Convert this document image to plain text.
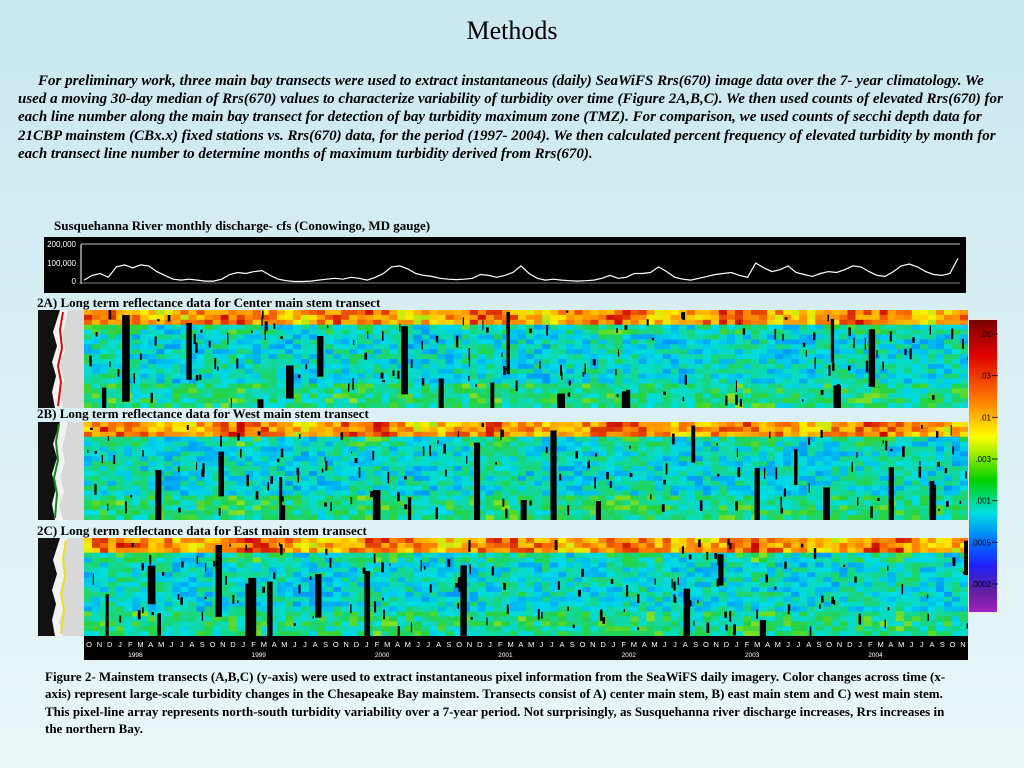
Methods
For preliminary work, three main bay transects were used to extract instantaneous (daily) SeaWiFS Rrs(670) image data over the 7- year climatology. We used a moving 30-day median of Rrs(670) values to characterize variability of turbidity over time (Figure 2A,B,C). We then used counts of elevated Rrs(670) for each line number along the main bay transect for detection of bay turbidity maximum zone (TMZ). For comparison, we used counts of secchi depth data for 21CBP mainstem (CBx.x) fixed stations vs. Rrs(670) data, for the period (1997- 2004). We then calculated percent frequency of elevated turbidity by month for each transect line number to determine months of maximum turbidity derived from Rrs(670).
Susquehanna River monthly discharge- cfs (Conowingo, MD gauge)
200,000
100,000
0
2A) Long term reflectance data for Center main stem transect
2B) Long term reflectance data for West main stem transect
2C) Long term reflectance data for East main stem transect
.08
.03
.01
.003
.001
.0005
.0002
O N D J F M A M J J A S O N D J F M A M J J A S O N D J F M A M J J A S O N D J F M A M J J A S O N D J F M A M J J A S O N D J F M A M J J A S O N D J F M A M J J A S O N
1998	1999	2000	2001	2002	2003	2004
Figure 2- Mainstem transects (A,B,C) (y-axis) were used to extract instantaneous pixel information from the SeaWiFS daily imagery. Color changes across time (x-axis) represent large-scale turbidity changes in the Chesapeake Bay mainstem. Transects consist of A) center main stem, B) east main stem and C) west main stem. This pixel-line array represents north-south turbidity variability over a 7-year period. Not surprisingly, as Susquehanna river discharge increases, Rrs increases in the northern Bay.
